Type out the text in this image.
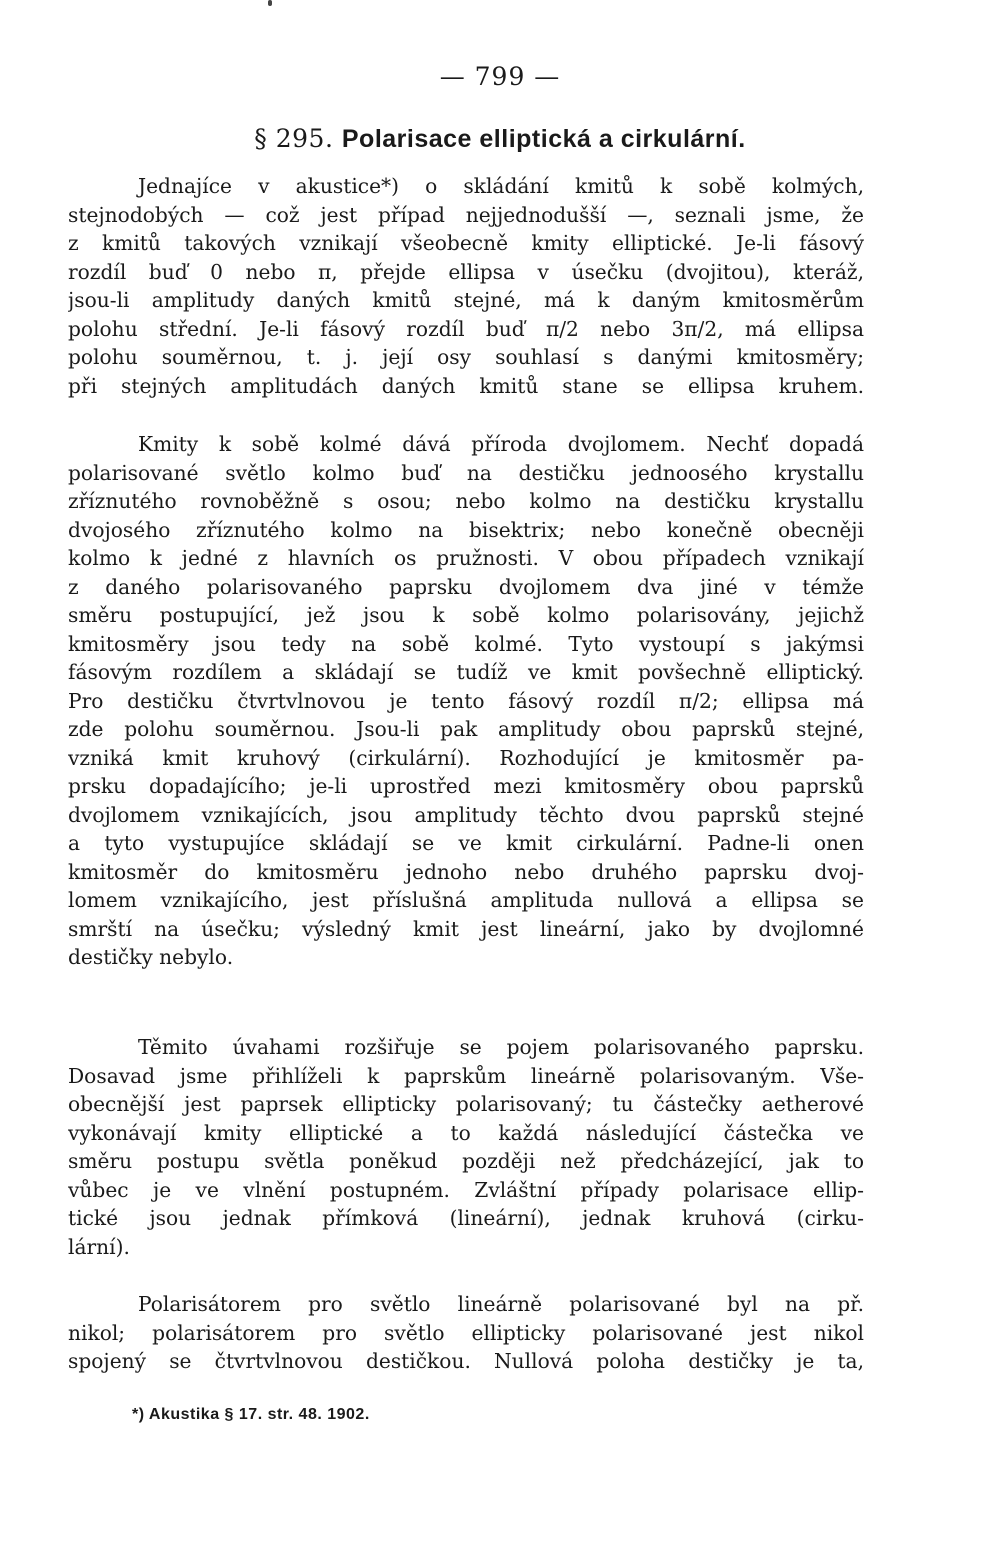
— 799 —
§ 295. Polarisace elliptická a cirkulární.
Jednajíce v akustice*) o skládání kmitů k sobě kolmých,
stejnodobých — což jest případ nejjednodušší —, seznali jsme, že
z kmitů takových vznikají všeobecně kmity elliptické. Je-li fásový
rozdíl buď 0 nebo π, přejde ellipsa v úsečku (dvojitou), kteráž,
jsou-li amplitudy daných kmitů stejné, má k daným kmitosměrům
polohu střední. Je-li fásový rozdíl buď π/2 nebo 3π/2, má ellipsa
polohu souměrnou, t. j. její osy souhlasí s danými kmitosměry;
při stejných amplitudách daných kmitů stane se ellipsa kruhem.
Kmity k sobě kolmé dává příroda dvojlomem. Nechť dopadá
polarisované světlo kolmo buď na destičku jednoosého krystallu
zříznutého rovnoběžně s osou; nebo kolmo na destičku krystallu
dvojosého zříznutého kolmo na bisektrix; nebo konečně obecněji
kolmo k jedné z hlavních os pružnosti. V obou případech vznikají
z daného polarisovaného paprsku dvojlomem dva jiné v témže
směru postupující, jež jsou k sobě kolmo polarisovány, jejichž
kmitosměry jsou tedy na sobě kolmé. Tyto vystoupí s jakýmsi
fásovým rozdílem a skládají se tudíž ve kmit povšechně elliptický.
Pro destičku čtvrtvlnovou je tento fásový rozdíl π/2; ellipsa má
zde polohu souměrnou. Jsou-li pak amplitudy obou paprsků stejné,
vzniká kmit kruhový (cirkulární). Rozhodující je kmitosměr pa-
prsku dopadajícího; je-li uprostřed mezi kmitosměry obou paprsků
dvojlomem vznikajících, jsou amplitudy těchto dvou paprsků stejné
a tyto vystupujíce skládají se ve kmit cirkulární. Padne-li onen
kmitosměr do kmitosměru jednoho nebo druhého paprsku dvoj-
lomem vznikajícího, jest příslušná amplituda nullová a ellipsa se
smrští na úsečku; výsledný kmit jest lineární, jako by dvojlomné
destičky nebylo.
Těmito úvahami rozšiřuje se pojem polarisovaného paprsku.
Dosavad jsme přihlíželi k paprskům lineárně polarisovaným. Vše-
obecnější jest paprsek ellipticky polarisovaný; tu částečky aetherové
vykonávají kmity elliptické a to každá následující částečka ve
směru postupu světla poněkud později než předcházející, jak to
vůbec je ve vlnění postupném. Zvláštní případy polarisace ellip-
tické jsou jednak přímková (lineární), jednak kruhová (cirku-
lární).
Polarisátorem pro světlo lineárně polarisované byl na př.
nikol; polarisátorem pro světlo ellipticky polarisované jest nikol
spojený se čtvrtvlnovou destičkou. Nullová poloha destičky je ta,
*) Akustika § 17. str. 48. 1902.
